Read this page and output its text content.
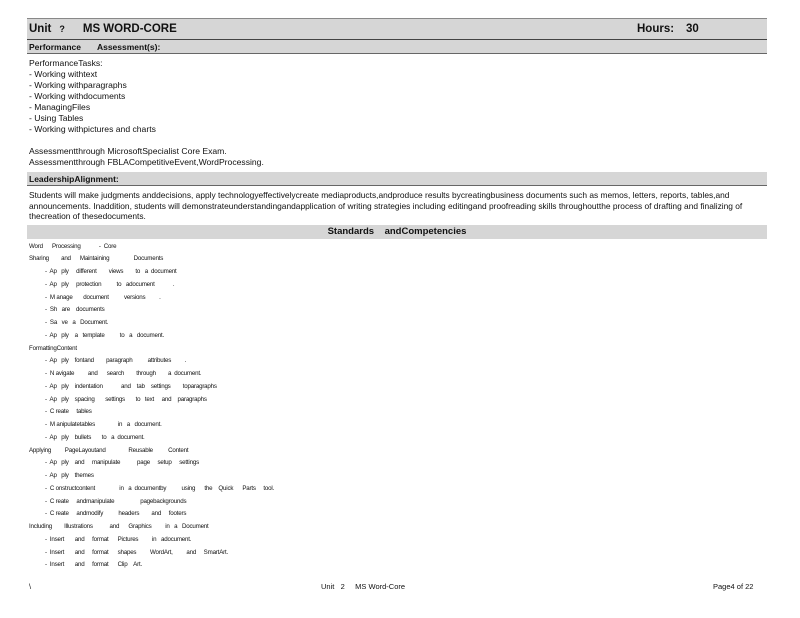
Unit ? MS WORD-CORE	Hours: 30
Performance Assessment(s):
PerformanceTasks:
- Working withtext
- Working withparagraphs
- Working withdocuments
- ManagingFiles
- Using Tables
- Working withpictures and charts
Assessmentthrough MicrosoftSpecialist Core Exam.
Assessmentthrough FBLACompetitiveEvent,WordProcessing.
LeadershipAlignment:
Students will make judgments anddecisions, apply technologyeffectivelycreate mediaproducts,andproduce results bycreatingbusiness documents such as memos, letters, reports, tables,and announcements. Inaddition, students will demonstrateunderstandingandapplication of writing strategies including editingand proofreading skills throughoutthe process of drafting and finalizing of thecreation of thesedocuments.
Standards    andCompetencies
Word      Processing            -  Core
Sharing        and      Maintaining                Documents
-  Ap   ply     different        views        to   a  document
-  Ap   ply     protection          to   adocument            .
-  M anage       document          versions         .
-  Sh   are    documents
-  Sa   ve   a   Document.
-  Ap   ply    a   template          to   a   document.
FormattingContent
-  Ap   ply    fontand        paragraph          attributes         .
-  N avigate         and      search        through        a  document.
-  Ap   ply    indentation            and    tab    settings        toparagraphs
-  Ap   ply    spacing       settings       to   text     and    paragraphs
-  C reate     tables
-  M anipulatetables               in   a   document.
-  Ap   ply    bullets       to   a  document.
Applying         PageLayoutand               Reusable          Content
-  Ap   ply    and     manipulate           page     setup     settings
-  Ap   ply    themes
-  C onstructcontent                in   a  documentby          using      the    Quick      Parts     tool.
-  C reate     andmanipulate                 pagebackgrounds
-  C reate     andmodify          headers        and     footers
Including        Illustrations           and      Graphics         in   a   Document
-  Insert       and     format      Pictures         in   adocument.
-  Insert       and     format      shapes         WordArt,         and     SmartArt.
-  Insert       and     format      Clip    Art.
\	Unit   2     MS Word-Core	Page4 of 22
